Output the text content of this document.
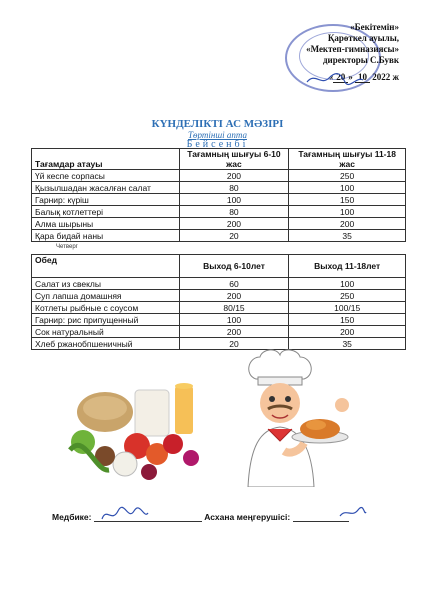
«Бекітемін»
Қарөткел ауылы,
«Мектеп-гимназиясы»
директоры С.Бувк
« 20 » 10 2022 ж
КҮНДЕЛІКТІ АС МӘЗІРІ
Төртінші апта
Бейсенбі
Тағамдар атауы	Тағамның шығуы 6-10 жас	Тағамның шығуы 11-18 жас
Үй кеспе сорпасы	200	250
Қызылшадан жасалған салат	80	100
Гарнир: күріш	100	150
Балық котлеттері	80	100
Алма шырыны	200	200
Қара бидай наны	20	35
Четверг
Обед	Выход 6-10лет	Выход 11-18лет
Салат из свеклы	60	100
Суп лапша домашняя	200	250
Котлеты рыбные с соусом	80/15	100/15
Гарнир: рис припущенный	100	150
Сок натуральный	200	200
Хлеб ржанобпшеничный	20	35
Медбике:	Асхана меңгерушісі:
